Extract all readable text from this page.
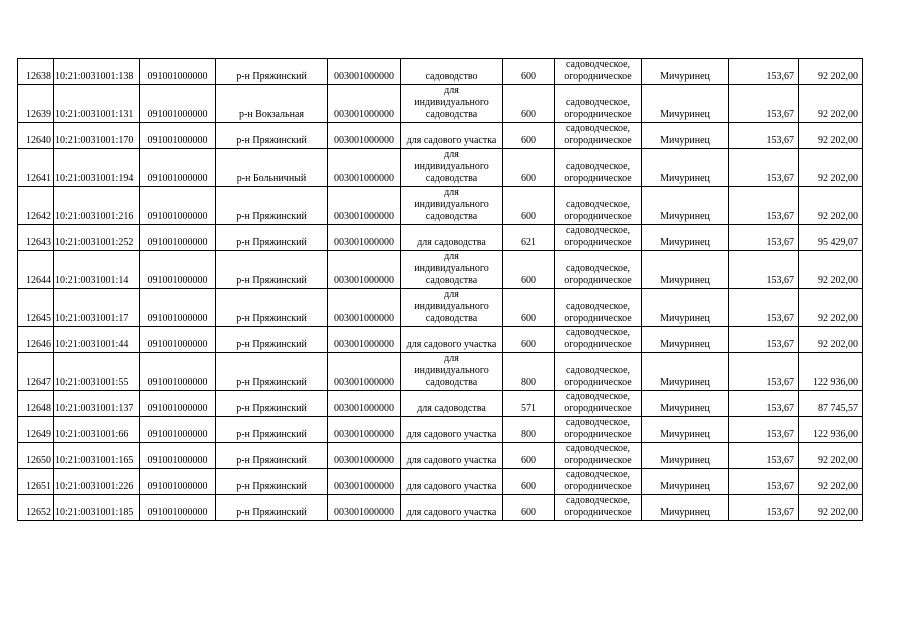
12638	10:21:0031001:138	091001000000	р-н Пряжинский	003001000000	садоводство	600	садоводческое,
огородническое	Мичуринец	153,67	92 202,00
12639	10:21:0031001:131	091001000000	р-н Вокзальная	003001000000	для
индивидуального
садоводства	600	садоводческое,
огородническое	Мичуринец	153,67	92 202,00
12640	10:21:0031001:170	091001000000	р-н Пряжинский	003001000000	для садового участка	600	садоводческое,
огородническое	Мичуринец	153,67	92 202,00
12641	10:21:0031001:194	091001000000	р-н Больничный	003001000000	для
индивидуального
садоводства	600	садоводческое,
огородническое	Мичуринец	153,67	92 202,00
12642	10:21:0031001:216	091001000000	р-н Пряжинский	003001000000	для
индивидуального
садоводства	600	садоводческое,
огородническое	Мичуринец	153,67	92 202,00
12643	10:21:0031001:252	091001000000	р-н Пряжинский	003001000000	для садоводства	621	садоводческое,
огородническое	Мичуринец	153,67	95 429,07
12644	10:21:0031001:14	091001000000	р-н Пряжинский	003001000000	для
индивидуального
садоводства	600	садоводческое,
огородническое	Мичуринец	153,67	92 202,00
12645	10:21:0031001:17	091001000000	р-н Пряжинский	003001000000	для
индивидуального
садоводства	600	садоводческое,
огородническое	Мичуринец	153,67	92 202,00
12646	10:21:0031001:44	091001000000	р-н Пряжинский	003001000000	для садового участка	600	садоводческое,
огородническое	Мичуринец	153,67	92 202,00
12647	10:21:0031001:55	091001000000	р-н Пряжинский	003001000000	для
индивидуального
садоводства	800	садоводческое,
огородническое	Мичуринец	153,67	122 936,00
12648	10:21:0031001:137	091001000000	р-н Пряжинский	003001000000	для садоводства	571	садоводческое,
огородническое	Мичуринец	153,67	87 745,57
12649	10:21:0031001:66	091001000000	р-н Пряжинский	003001000000	для садового участка	800	садоводческое,
огородническое	Мичуринец	153,67	122 936,00
12650	10:21:0031001:165	091001000000	р-н Пряжинский	003001000000	для садового участка	600	садоводческое,
огородническое	Мичуринец	153,67	92 202,00
12651	10:21:0031001:226	091001000000	р-н Пряжинский	003001000000	для садового участка	600	садоводческое,
огородническое	Мичуринец	153,67	92 202,00
12652	10:21:0031001:185	091001000000	р-н Пряжинский	003001000000	для садового участка	600	садоводческое,
огородническое	Мичуринец	153,67	92 202,00
